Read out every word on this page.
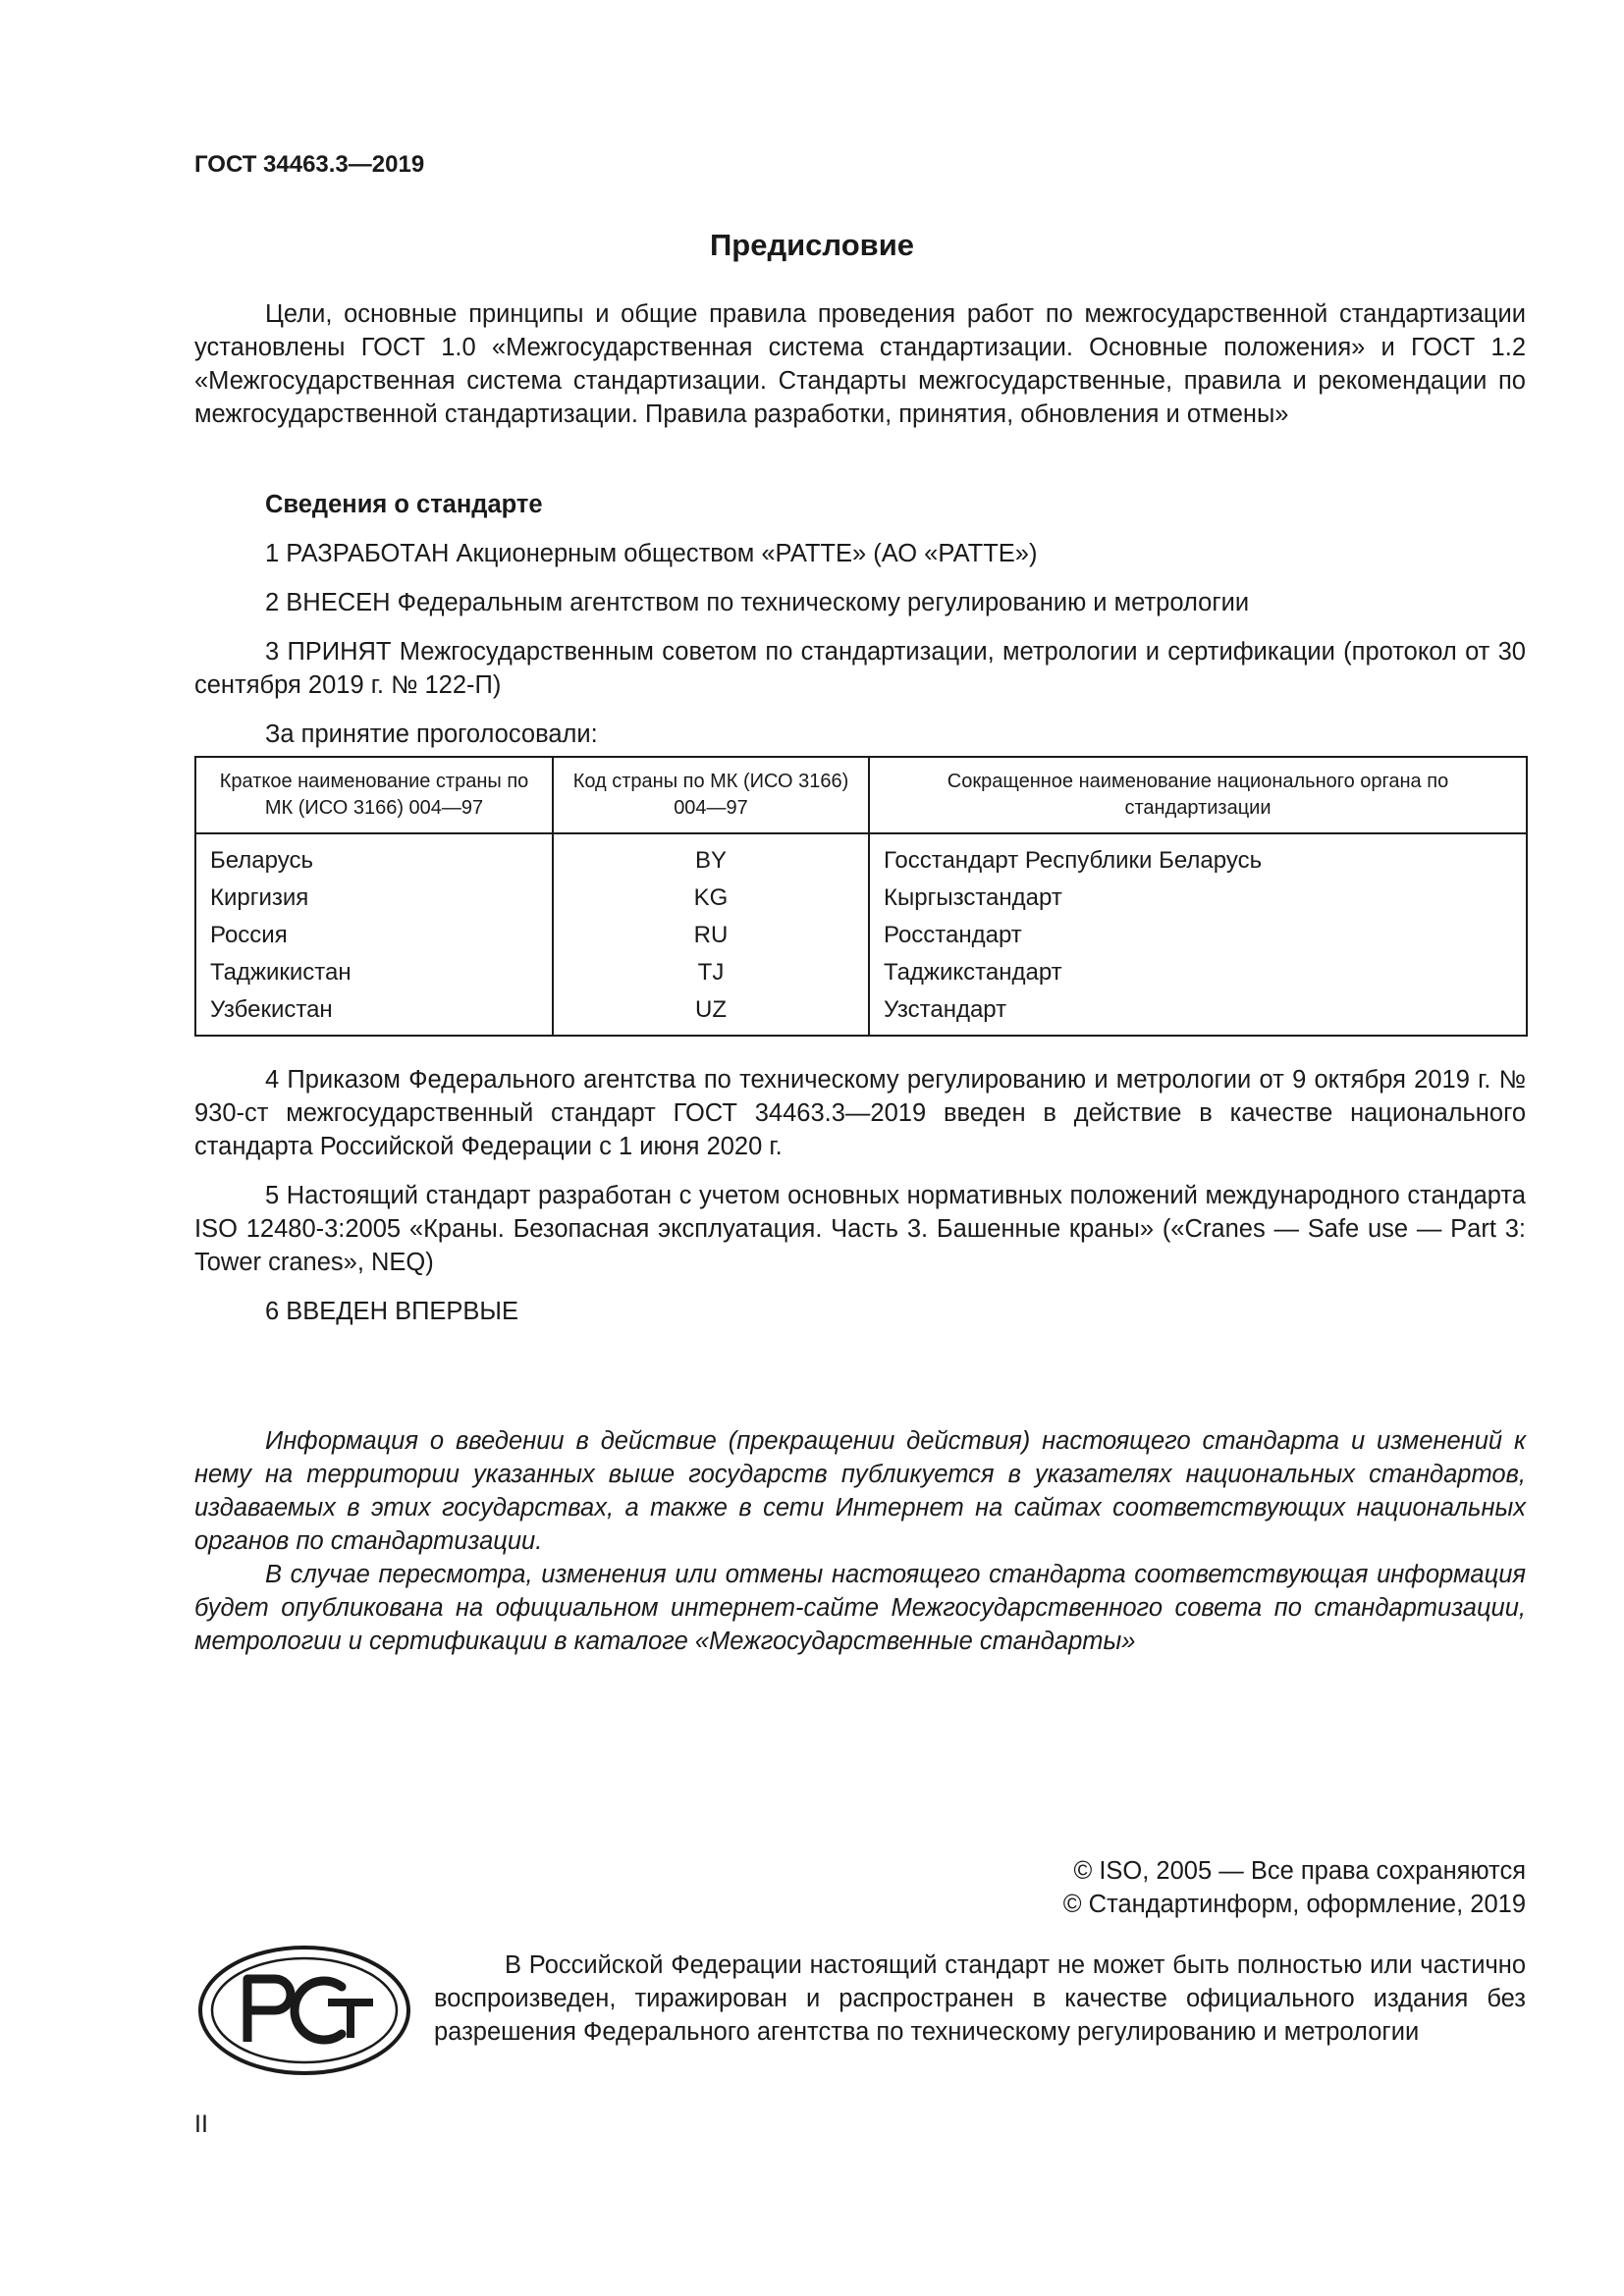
ГОСТ 34463.3—2019
Предисловие

Цели, основные принципы и общие правила проведения работ по межгосударственной стандартизации установлены ГОСТ 1.0 «Межгосударственная система стандартизации. Основные положения» и ГОСТ 1.2 «Межгосударственная система стандартизации. Стандарты межгосударственные, правила и рекомендации по межгосударственной стандартизации. Правила разработки, принятия, обновления и отмены»

Сведения о стандарте

1 РАЗРАБОТАН Акционерным обществом «РАТТЕ» (АО «РАТТЕ»)

2 ВНЕСЕН Федеральным агентством по техническому регулированию и метрологии

3 ПРИНЯТ Межгосударственным советом по стандартизации, метрологии и сертификации (протокол от 30 сентября 2019 г. № 122-П)

За принятие проголосовали:

Краткое наименование страны по МК (ИСО 3166) 004—97	Код страны по МК (ИСО 3166) 004—97	Сокращенное наименование национального органа по стандартизации
Беларусь	BY	Госстандарт Республики Беларусь
Киргизия	KG	Кыргызстандарт
Россия	RU	Росстандарт
Таджикистан	TJ	Таджикстандарт
Узбекистан	UZ	Узстандарт

4 Приказом Федерального агентства по техническому регулированию и метрологии от 9 октября 2019 г. № 930-ст межгосударственный стандарт ГОСТ 34463.3—2019 введен в действие в качестве национального стандарта Российской Федерации с 1 июня 2020 г.

5 Настоящий стандарт разработан с учетом основных нормативных положений международного стандарта ISO 12480-3:2005 «Краны. Безопасная эксплуатация. Часть 3. Башенные краны» («Cranes — Safe use — Part 3: Tower cranes», NEQ)

6 ВВЕДЕН ВПЕРВЫЕ

Информация о введении в действие (прекращении действия) настоящего стандарта и изменений к нему на территории указанных выше государств публикуется в указателях национальных стандартов, издаваемых в этих государствах, а также в сети Интернет на сайтах соответствующих национальных органов по стандартизации.

В случае пересмотра, изменения или отмены настоящего стандарта соответствующая информация будет опубликована на официальном интернет-сайте Межгосударственного совета по стандартизации, метрологии и сертификации в каталоге «Межгосударственные стандарты»

© ISO, 2005 — Все права сохраняются
© Стандартинформ, оформление, 2019

В Российской Федерации настоящий стандарт не может быть полностью или частично воспроизведен, тиражирован и распространен в качестве официального издания без разрешения Федерального агентства по техническому регулированию и метрологии

II
